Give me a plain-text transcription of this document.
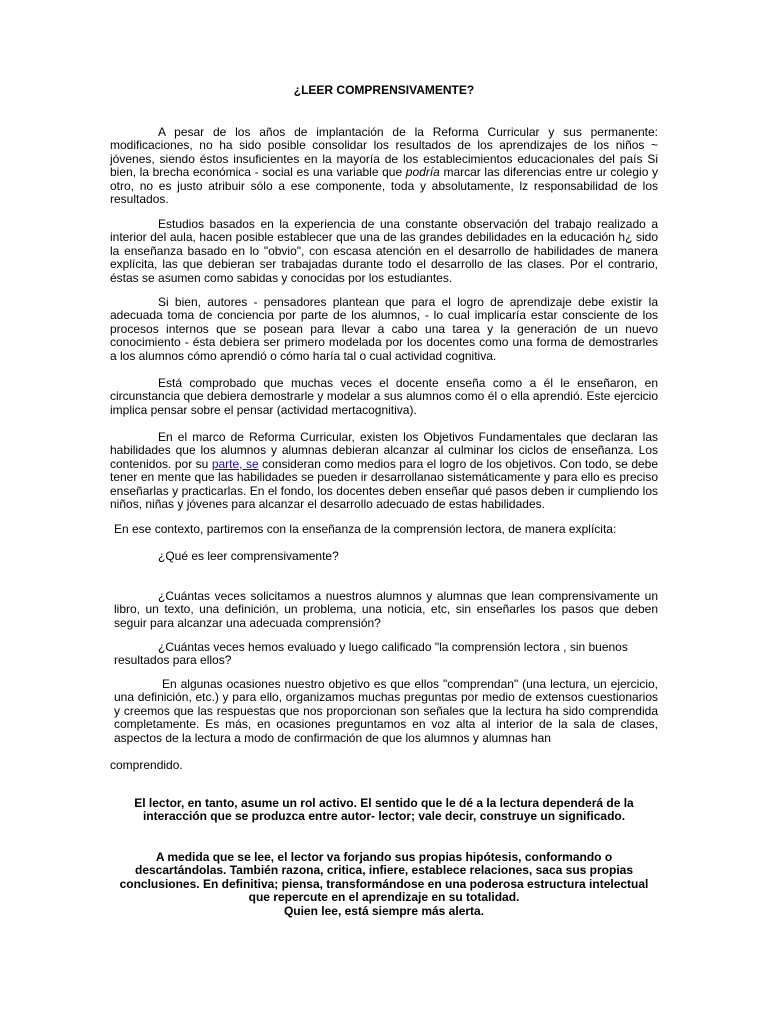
¿LEER COMPRENSIVAMENTE?

A pesar de los años de implantación de la Reforma Curricular y sus permanente: modificaciones, no ha sido posible consolidar los resultados de los aprendizajes de los niños ~ jóvenes, siendo éstos insuficientes en la mayoría de los establecimientos educacionales del país Si bien, la brecha económica - social es una variable que podría marcar las diferencias entre ur colegio y otro, no es justo atribuir sólo a ese componente, toda y absolutamente, lz responsabilidad de los resultados.

Estudios basados en la experiencia de una constante observación del trabajo realizado a interior del aula, hacen posible establecer que una de las grandes debilidades en la educación h¿ sido la enseñanza basado en lo "obvio", con escasa atención en el desarrollo de habilidades de manera explícita, las que debieran ser trabajadas durante todo el desarrollo de las clases. Por el contrario, éstas se asumen como sabidas y conocidas por los estudiantes.

Si bien, autores - pensadores plantean que para el logro de aprendizaje debe existir la adecuada toma de conciencia por parte de los alumnos, - lo cual implicaría estar consciente de los procesos internos que se posean para llevar a cabo una tarea y la generación de un nuevo conocimiento - ésta debiera ser primero modelada por los docentes como una forma de demostrarles a los alumnos cómo aprendió o cómo haría tal o cual actividad cognitiva.

Está comprobado que muchas veces el docente enseña como a él le enseñaron, en circunstancia que debiera demostrarle y modelar a sus alumnos como él o ella aprendió. Este ejercicio implica pensar sobre el pensar (actividad mertacognitiva).

En el marco de Reforma Curricular, existen los Objetivos Fundamentales que declaran las habilidades que los alumnos y alumnas debieran alcanzar al culminar los ciclos de enseñanza. Los contenidos. por su parte, se consideran como medios para el logro de los objetivos. Con todo, se debe tener en mente que las habilidades se pueden ir desarrollanao sistemáticamente y para ello es preciso enseñarlas y practicarlas. En el fondo, los docentes deben enseñar qué pasos deben ir cumpliendo los niños, niñas y jóvenes para alcanzar el desarrollo adecuado de estas habilidades.

En ese contexto, partiremos con la enseñanza de la comprensión lectora, de manera explícita:

¿Qué es leer comprensivamente?

¿Cuántas veces solicitamos a nuestros alumnos y alumnas que lean comprensivamente un libro, un texto, una definición, un problema, una noticia, etc, sin enseñarles los pasos que deben seguir para alcanzar una adecuada comprensión?

¿Cuántas veces hemos evaluado y luego calificado "la comprensión lectora , sin buenos resultados para ellos?

En algunas ocasiones nuestro objetivo es que ellos "comprendan" (una lectura, un ejercicio, una definición, etc.) y para ello, organizamos muchas preguntas por medio de extensos cuestionarios y creemos que las respuestas que nos proporcionan son señales que la lectura ha sido comprendida completamente. Es más, en ocasiones preguntamos en voz alta al interior de la sala de clases, aspectos de la lectura a modo de confirmación de que los alumnos y alumnas han

comprendido.

El lector, en tanto, asume un rol activo. El sentido que le dé a la lectura dependerá de la interacción que se produzca entre autor- lector; vale decir, construye un significado.

A medida que se lee, el lector va forjando sus propias hipótesis, conformando o
descartándolas. También razona, critica, infiere, establece relaciones, saca sus propias
conclusiones. En definitiva; piensa, transformándose en una poderosa estructura intelectual
que repercute en el aprendizaje en su totalidad.
Quien lee, está siempre más alerta.
